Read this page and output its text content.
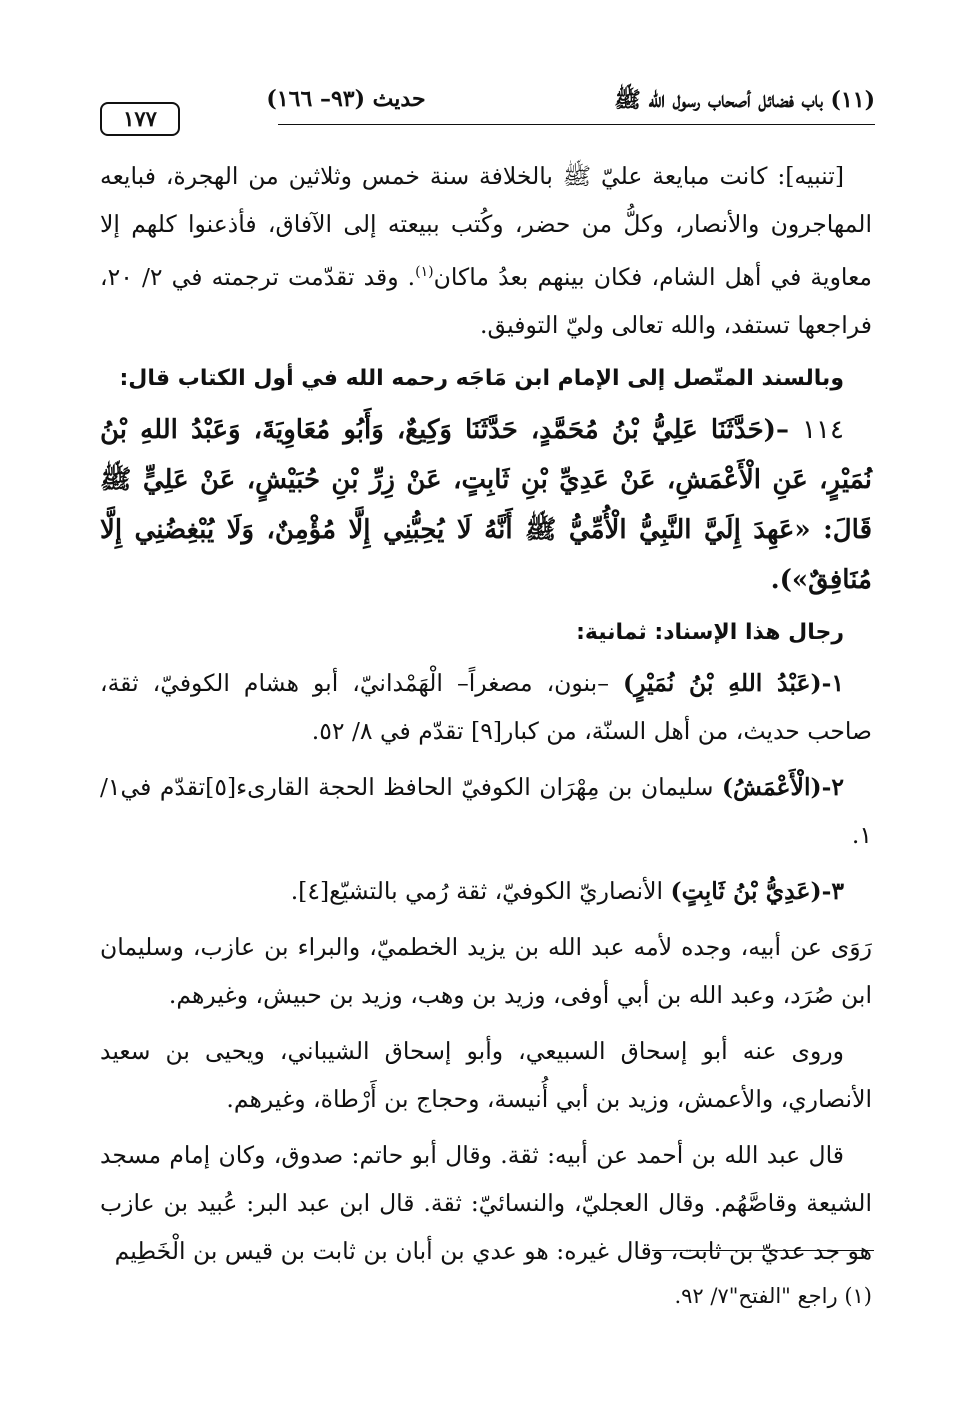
١٧٧
حديث (٩٣– ١٦٦)	(١١) باب فضائل أصحاب رسول الله ﷺ

[تنبيه]: كانت مبايعة عليّ ﷺ بالخلافة سنة خمس وثلاثين من الهجرة، فبايعه المهاجرون والأنصار، وكلُّ من حضر، وكُتب ببيعته إلى الآفاق، فأذعنوا كلهم إلا معاوية في أهل الشام، فكان بينهم بعدُ ماكان$^{(١)}$. وقد تقدّمت ترجمته في ٢/ ٢٠، فراجعها تستفد، والله تعالى وليّ التوفيق.

وبالسند المتّصل إلى الإمام ابن مَاجَه رحمه الله في أول الكتاب قال:

١١٤ –(حَدَّثَنَا عَلِيُّ بْنُ مُحَمَّدٍ، حَدَّثَنَا وَكِيعٌ، وَأَبُو مُعَاوِيَةَ، وَعَبْدُ اللهِ بْنُ نُمَيْرٍ، عَنِ الْأَعْمَشِ، عَنْ عَدِيِّ بْنِ ثَابِتٍ، عَنْ زِرِّ بْنِ حُبَيْشٍ، عَنْ عَلِيٍّ ﷺ قَالَ: «عَهِدَ إِلَيَّ النَّبِيُّ الْأُمِّيُّ ﷺ أَنَّهُ لَا يُحِبُّنِي إِلَّا مُؤْمِنٌ، وَلَا يُبْغِضُنِي إِلَّا مُنَافِقٌ»).

رجال هذا الإسناد: ثمانية:

١-(عَبْدُ اللهِ بْنُ نُمَيْرٍ) –بنون، مصغراً– الْهَمْدانيّ، أبو هشام الكوفيّ، ثقة، صاحب حديث، من أهل السنّة، من كبار[٩] تقدّم في ٨/ ٥٢.

٢-(الْأَعْمَشُ) سليمان بن مِهْرَان الكوفيّ الحافظ الحجة القارىء[٥]تقدّم في١/ ١.

٣-(عَدِيُّ بْنُ ثَابِتٍ) الأنصاريّ الكوفيّ، ثقة رُمي بالتشيّع[٤].

رَوَى عن أبيه، وجده لأمه عبد الله بن يزيد الخطميّ، والبراء بن عازب، وسليمان ابن صُرَد، وعبد الله بن أبي أوفى، وزيد بن وهب، وزيد بن حبيش، وغيرهم.

وروى عنه أبو إسحاق السبيعي، وأبو إسحاق الشيباني، ويحيى بن سعيد الأنصاري، والأعمش، وزيد بن أبي أُنيسة، وحجاج بن أَرْطاة، وغيرهم.

قال عبد الله بن أحمد عن أبيه: ثقة. وقال أبو حاتم: صدوق، وكان إمام مسجد الشيعة وقاصَّهُم. وقال العجليّ، والنسائيّ: ثقة. قال ابن عبد البر: عُبيد بن عازب هو جد عديّ بن ثابت، وقال غيره: هو عدي بن أبان بن ثابت بن قيس بن الْخَطِيم

(١) راجع "الفتح"٧/ ٩٢.
